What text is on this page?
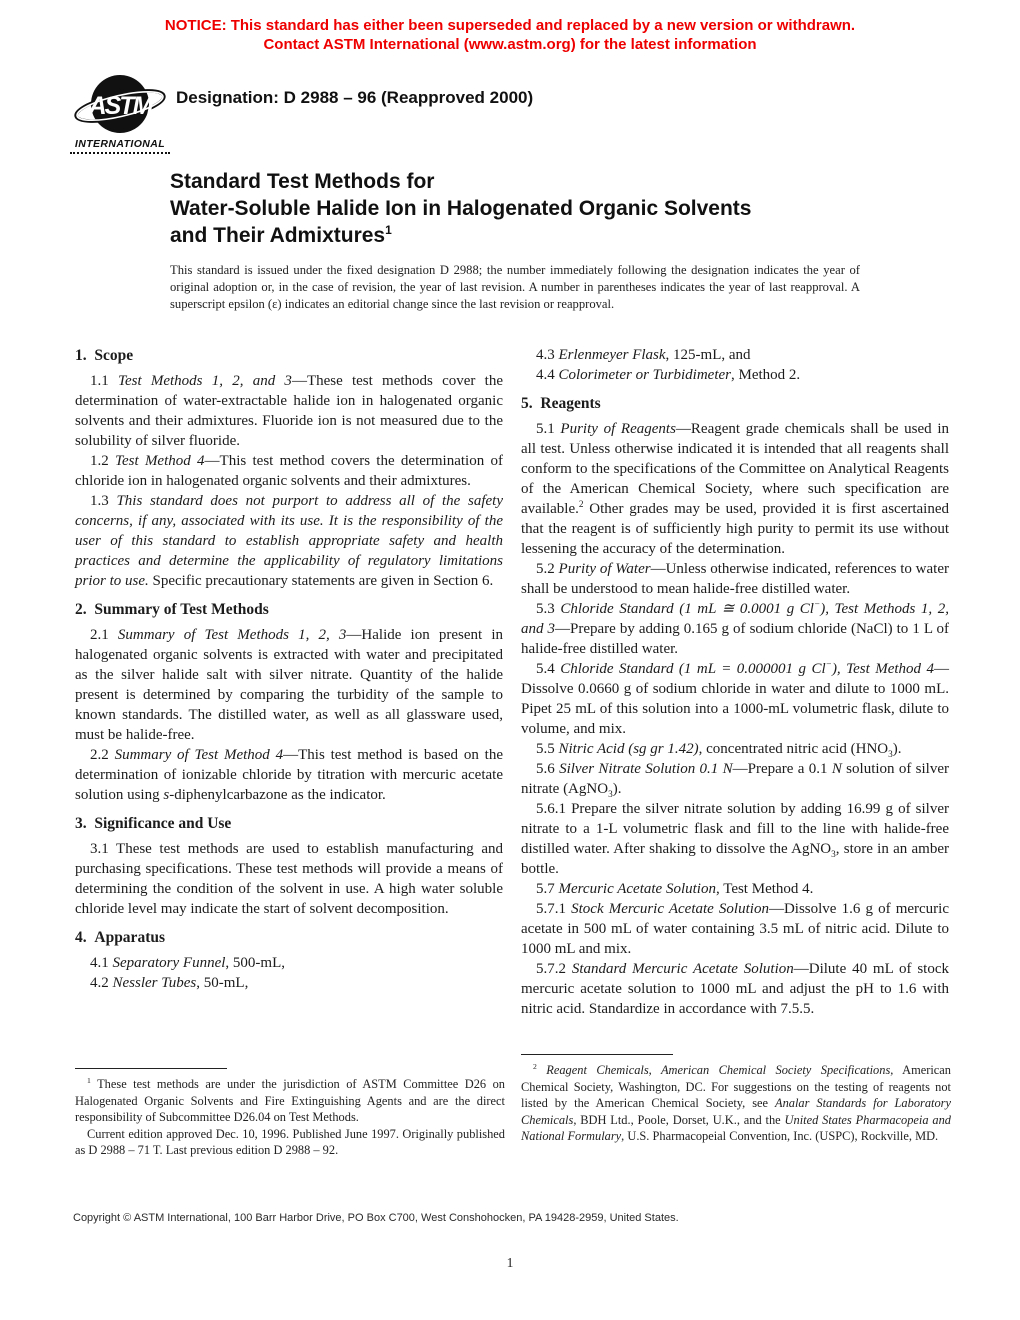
NOTICE: This standard has either been superseded and replaced by a new version or withdrawn.
Contact ASTM International (www.astm.org) for the latest information
ASTM
INTERNATIONAL
Designation: D 2988 – 96 (Reapproved 2000)
Standard Test Methods for
Water-Soluble Halide Ion in Halogenated Organic Solvents
and Their Admixtures$^1$
This standard is issued under the fixed designation D 2988; the number immediately following the designation indicates the year of original adoption or, in the case of revision, the year of last revision. A number in parentheses indicates the year of last reapproval. A superscript epsilon (ε) indicates an editorial change since the last revision or reapproval.
1. Scope
1.1 Test Methods 1, 2, and 3—These test methods cover the determination of water-extractable halide ion in halogenated organic solvents and their admixtures. Fluoride ion is not measured due to the solubility of silver fluoride.
1.2 Test Method 4—This test method covers the determination of chloride ion in halogenated organic solvents and their admixtures.
1.3 This standard does not purport to address all of the safety concerns, if any, associated with its use. It is the responsibility of the user of this standard to establish appropriate safety and health practices and determine the applicability of regulatory limitations prior to use. Specific precautionary statements are given in Section 6.
2. Summary of Test Methods
2.1 Summary of Test Methods 1, 2, 3—Halide ion present in halogenated organic solvents is extracted with water and precipitated as the silver halide salt with silver nitrate. Quantity of the halide present is determined by comparing the turbidity of the sample to known standards. The distilled water, as well as all glassware used, must be halide-free.
2.2 Summary of Test Method 4—This test method is based on the determination of ionizable chloride by titration with mercuric acetate solution using s-diphenylcarbazone as the indicator.
3. Significance and Use
3.1 These test methods are used to establish manufacturing and purchasing specifications. These test methods will provide a means of determining the condition of the solvent in use. A high water soluble chloride level may indicate the start of solvent decomposition.
4. Apparatus
4.1 Separatory Funnel, 500-mL,
4.2 Nessler Tubes, 50-mL,
4.3 Erlenmeyer Flask, 125-mL, and
4.4 Colorimeter or Turbidimeter, Method 2.
5. Reagents
5.1 Purity of Reagents—Reagent grade chemicals shall be used in all test. Unless otherwise indicated it is intended that all reagents shall conform to the specifications of the Committee on Analytical Reagents of the American Chemical Society, where such specification are available.$^2$ Other grades may be used, provided it is first ascertained that the reagent is of sufficiently high purity to permit its use without lessening the accuracy of the determination.
5.2 Purity of Water—Unless otherwise indicated, references to water shall be understood to mean halide-free distilled water.
5.3 Chloride Standard (1 mL ≅ 0.0001 g Cl−), Test Methods 1, 2, and 3—Prepare by adding 0.165 g of sodium chloride (NaCl) to 1 L of halide-free distilled water.
5.4 Chloride Standard (1 mL = 0.000001 g Cl−), Test Method 4—Dissolve 0.0660 g of sodium chloride in water and dilute to 1000 mL. Pipet 25 mL of this solution into a 1000-mL volumetric flask, dilute to volume, and mix.
5.5 Nitric Acid (sg gr 1.42), concentrated nitric acid $(HNO_3)$.
5.6 Silver Nitrate Solution 0.1 N—Prepare a 0.1 N solution of silver nitrate (AgNO$_3$).
5.6.1 Prepare the silver nitrate solution by adding 16.99 g of silver nitrate to a 1-L volumetric flask and fill to the line with halide-free distilled water. After shaking to dissolve the AgNO$_3$, store in an amber bottle.
5.7 Mercuric Acetate Solution, Test Method 4.
5.7.1 Stock Mercuric Acetate Solution—Dissolve 1.6 g of mercuric acetate in 500 mL of water containing 3.5 mL of nitric acid. Dilute to 1000 mL and mix.
5.7.2 Standard Mercuric Acetate Solution—Dilute 40 mL of stock mercuric acetate solution to 1000 mL and adjust the pH to 1.6 with nitric acid. Standardize in accordance with 7.5.5.
$^1$ These test methods are under the jurisdiction of ASTM Committee D26 on Halogenated Organic Solvents and Fire Extinguishing Agents and are the direct responsibility of Subcommittee D26.04 on Test Methods.
Current edition approved Dec. 10, 1996. Published June 1997. Originally published as D 2988 – 71 T. Last previous edition D 2988 – 92.
$^2$ Reagent Chemicals, American Chemical Society Specifications, American Chemical Society, Washington, DC. For suggestions on the testing of reagents not listed by the American Chemical Society, see Analar Standards for Laboratory Chemicals, BDH Ltd., Poole, Dorset, U.K., and the United States Pharmacopeia and National Formulary, U.S. Pharmacopeial Convention, Inc. (USPC), Rockville, MD.
Copyright © ASTM International, 100 Barr Harbor Drive, PO Box C700, West Conshohocken, PA 19428-2959, United States.
1
